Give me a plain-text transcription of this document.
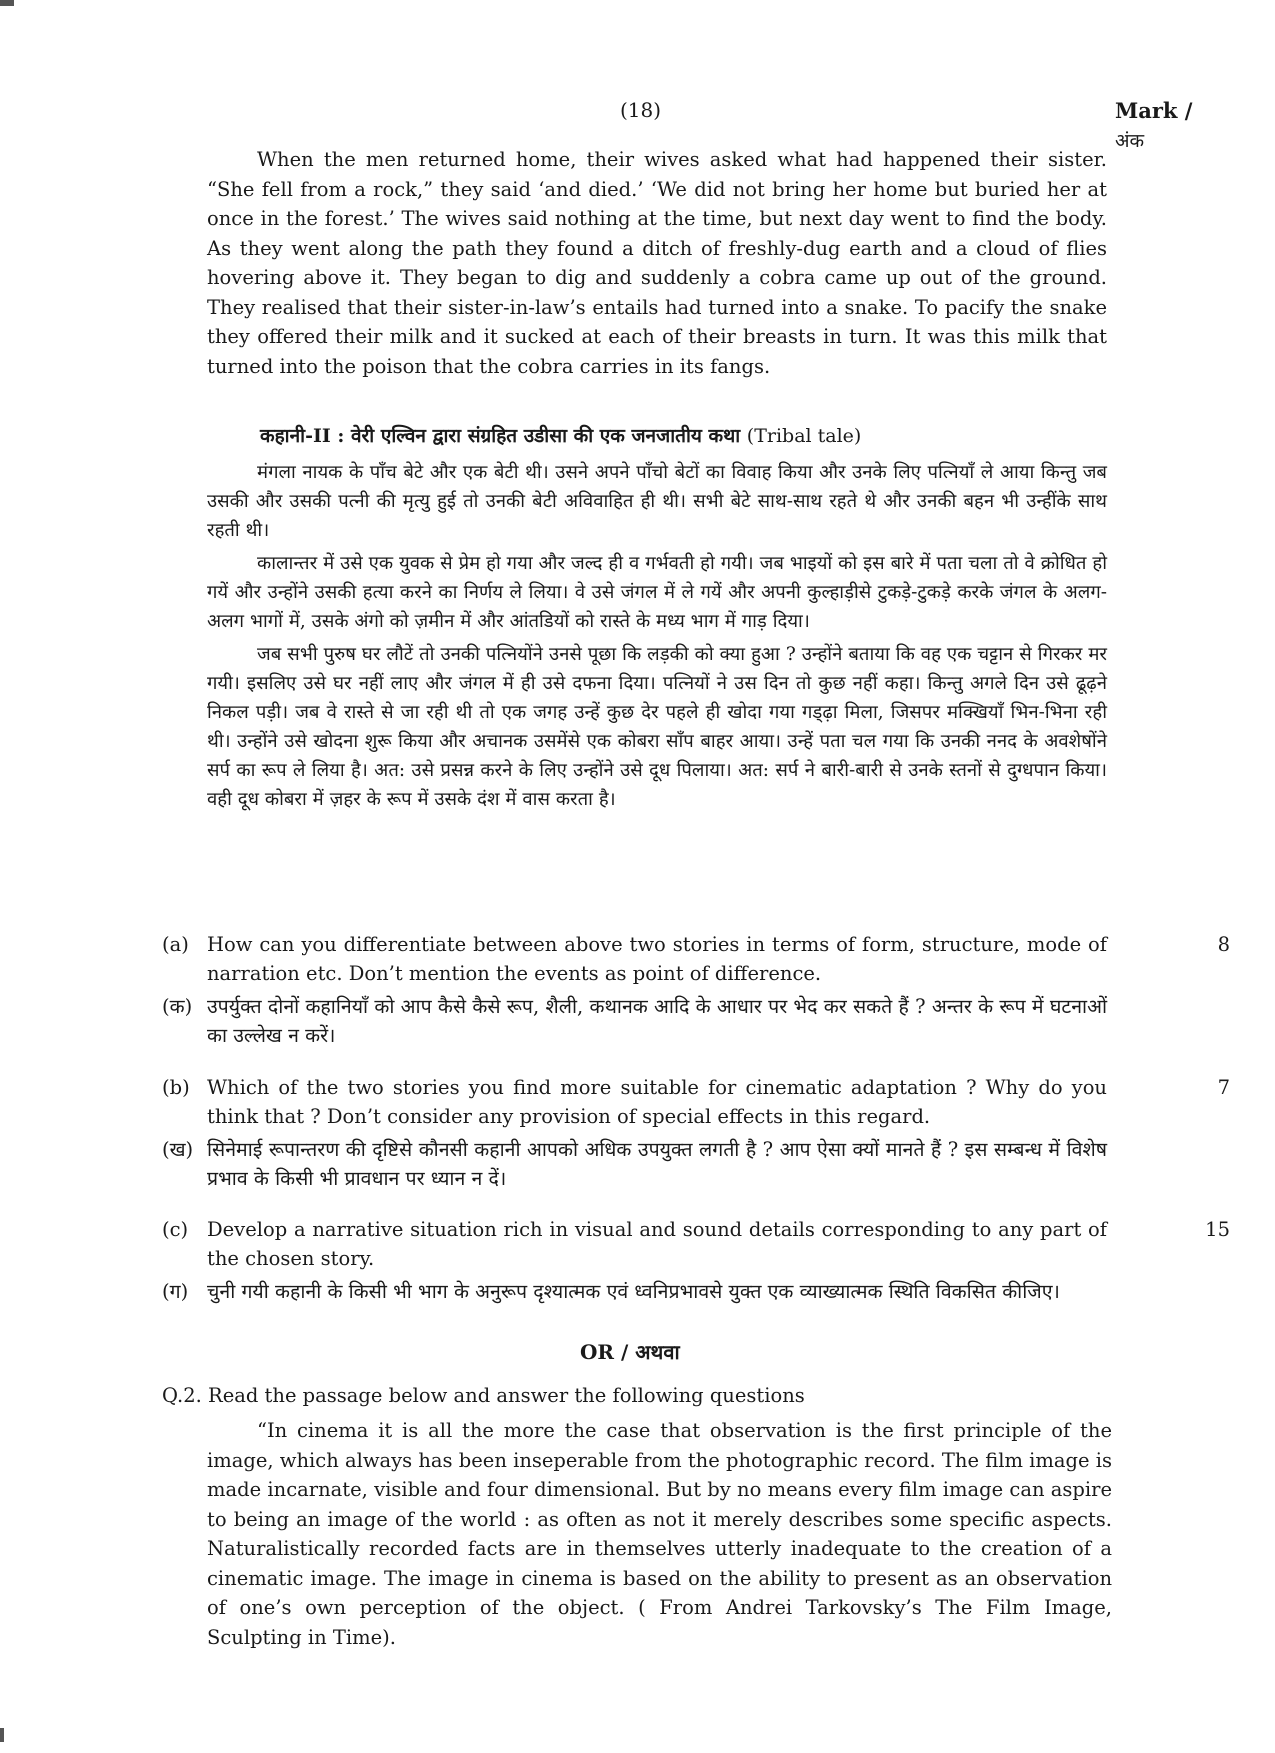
(18)	Mark /
अंक

When the men returned home, their wives asked what had happened their sister. “She fell from a rock,” they said ‘and died.’ ‘We did not bring her home but buried her at once in the forest.’ The wives said nothing at the time, but next day went to find the body. As they went along the path they found a ditch of freshly-dug earth and a cloud of flies hovering above it. They began to dig and suddenly a cobra came up out of the ground. They realised that their sister-in-law’s entails had turned into a snake. To pacify the snake they offered their milk and it sucked at each of their breasts in turn. It was this milk that turned into the poison that the cobra carries in its fangs.

कहानी-II : वेरी एल्विन द्वारा संग्रहित उडीसा की एक जनजातीय कथा (Tribal tale)

मंगला नायक के पाँच बेटे और एक बेटी थी। उसने अपने पाँचो बेटों का विवाह किया और उनके लिए पत्नियाँ ले आया किन्तु जब उसकी और उसकी पत्नी की मृत्यु हुई तो उनकी बेटी अविवाहित ही थी। सभी बेटे साथ-साथ रहते थे और उनकी बहन भी उन्हींके साथ रहती थी।

कालान्तर में उसे एक युवक से प्रेम हो गया और जल्द ही व गर्भवती हो गयी। जब भाइयों को इस बारे में पता चला तो वे क्रोधित हो गयें और उन्होंने उसकी हत्या करने का निर्णय ले लिया। वे उसे जंगल में ले गयें और अपनी कुल्हाड़ीसे टुकड़े-टुकड़े करके जंगल के अलग-अलग भागों में, उसके अंगो को ज़मीन में और आंतडियों को रास्ते के मध्य भाग में गाड़ दिया।

जब सभी पुरुष घर लौटें तो उनकी पत्नियोंने उनसे पूछा कि लड़की को क्या हुआ ? उन्होंने बताया कि वह एक चट्टान से गिरकर मर गयी। इसलिए उसे घर नहीं लाए और जंगल में ही उसे दफना दिया। पत्नियों ने उस दिन तो कुछ नहीं कहा। किन्तु अगले दिन उसे ढूढ़ने निकल पड़ी। जब वे रास्ते से जा रही थी तो एक जगह उन्हें कुछ देर पहले ही खोदा गया गड्ढ़ा मिला, जिसपर मक्खियाँ भिन-भिना रही थी। उन्होंने उसे खोदना शुरू किया और अचानक उसमेंसे एक कोबरा साँप बाहर आया। उन्हें पता चल गया कि उनकी ननद के अवशेषोंने सर्प का रूप ले लिया है। अत: उसे प्रसन्न करने के लिए उन्होंने उसे दूध पिलाया। अत: सर्प ने बारी-बारी से उनके स्तनों से दुग्धपान किया। वही दूध कोबरा में ज़हर के रूप में उसके दंश में वास करता है।

(a) How can you differentiate between above two stories in terms of form, structure, mode of narration etc. Don’t mention the events as point of difference.
8
(क) उपर्युक्त दोनों कहानियाँ को आप कैसे कैसे रूप, शैली, कथानक आदि के आधार पर भेद कर सकते हैं ? अन्तर के रूप में घटनाओं का उल्लेख न करें।
(b) Which of the two stories you find more suitable for cinematic adaptation ? Why do you think that ? Don’t consider any provision of special effects in this regard.
7
(ख) सिनेमाई रूपान्तरण की दृष्टिसे कौनसी कहानी आपको अधिक उपयुक्त लगती है ? आप ऐसा क्यों मानते हैं ? इस सम्बन्ध में विशेष प्रभाव के किसी भी प्रावधान पर ध्यान न दें।
(c) Develop a narrative situation rich in visual and sound details corresponding to any part of the chosen story.
15
(ग) चुनी गयी कहानी के किसी भी भाग के अनुरूप दृश्यात्मक एवं ध्वनिप्रभावसे युक्त एक व्याख्यात्मक स्थिति विकसित कीजिए।
OR / अथवा
Q.2. Read the passage below and answer the following questions

“In cinema it is all the more the case that observation is the first principle of the image, which always has been inseperable from the photographic record. The film image is made incarnate, visible and four dimensional. But by no means every film image can aspire to being an image of the world : as often as not it merely describes some specific aspects. Naturalistically recorded facts are in themselves utterly inadequate to the creation of a cinematic image. The image in cinema is based on the ability to present as an observation of one’s own perception of the object. ( From Andrei Tarkovsky’s The Film Image, Sculpting in Time).
